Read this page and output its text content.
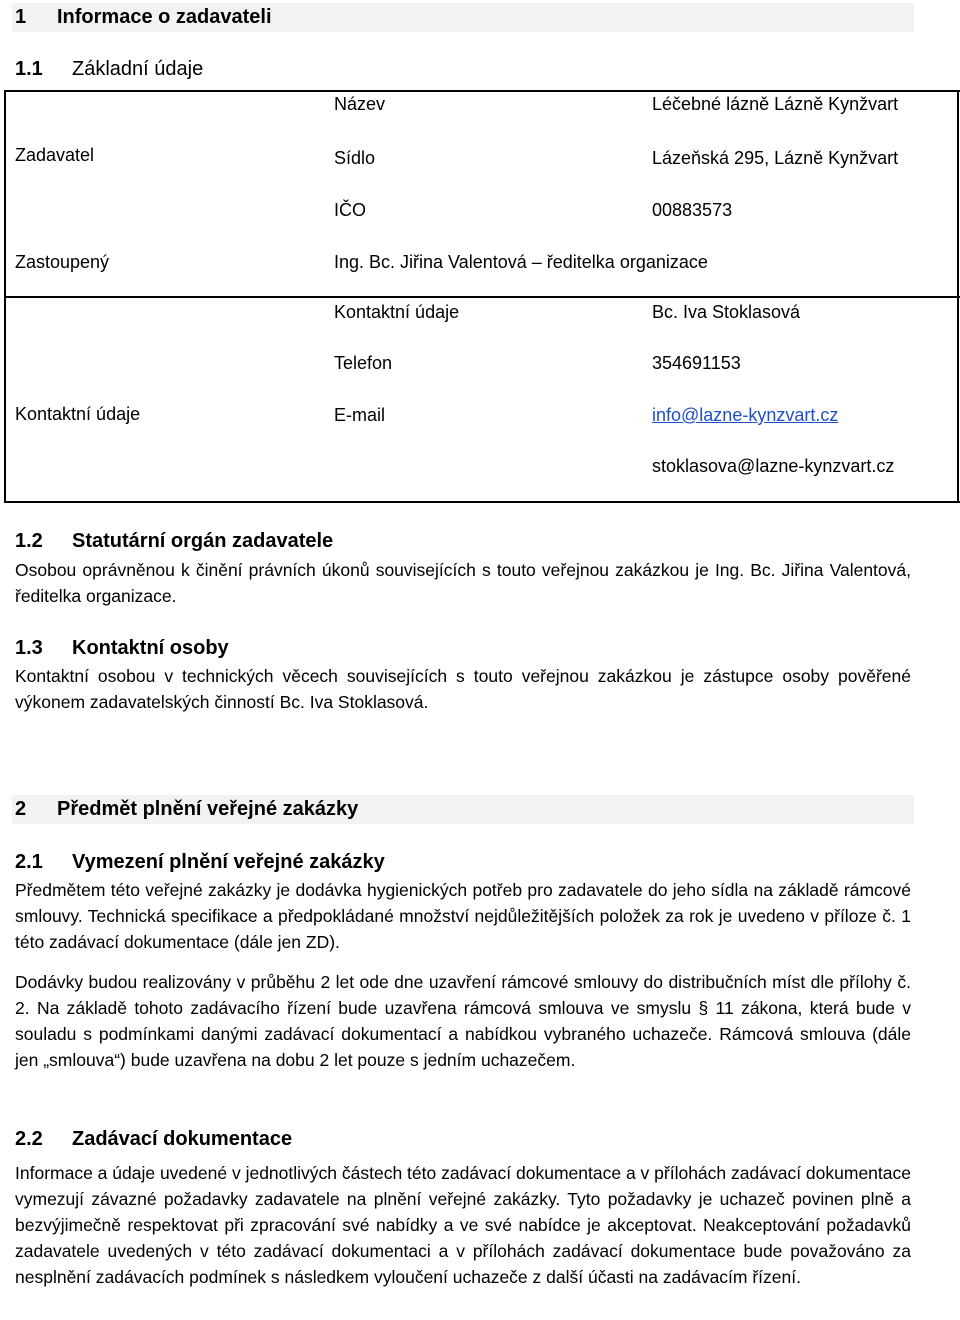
1 Informace o zadavateli
1.1 Základní údaje
Zadavatel
Název	Léčebné lázně Lázně Kynžvart
Sídlo	Lázeňská 295, Lázně Kynžvart
IČO	00883573
Zastoupený	Ing. Bc. Jiřina Valentová – ředitelka organizace
Kontaktní údaje
Kontaktní údaje	Bc. Iva Stoklasová
Telefon	354691153
E-mail	info@lazne-kynzvart.cz
stoklasova@lazne-kynzvart.cz
1.2 Statutární orgán zadavatele
Osobou oprávněnou k činění právních úkonů souvisejících s touto veřejnou zakázkou je Ing. Bc. Jiřina Valentová, ředitelka organizace.
1.3 Kontaktní osoby
Kontaktní osobou v technických věcech souvisejících s touto veřejnou zakázkou je zástupce osoby pověřené výkonem zadavatelských činností Bc. Iva Stoklasová.
2 Předmět plnění veřejné zakázky
2.1 Vymezení plnění veřejné zakázky
Předmětem této veřejné zakázky je dodávka hygienických potřeb pro zadavatele do jeho sídla na základě rámcové smlouvy. Technická specifikace a předpokládané množství nejdůležitějších položek za rok je uvedeno v příloze č. 1 této zadávací dokumentace (dále jen ZD).
Dodávky budou realizovány v průběhu 2 let ode dne uzavření rámcové smlouvy do distribučních míst dle přílohy č. 2. Na základě tohoto zadávacího řízení bude uzavřena rámcová smlouva ve smyslu § 11 zákona, která bude v souladu s podmínkami danými zadávací dokumentací a nabídkou vybraného uchazeče. Rámcová smlouva (dále jen „smlouva“) bude uzavřena na dobu 2 let pouze s jedním uchazečem.
2.2 Zadávací dokumentace
Informace a údaje uvedené v jednotlivých částech této zadávací dokumentace a v přílohách zadávací dokumentace vymezují závazné požadavky zadavatele na plnění veřejné zakázky. Tyto požadavky je uchazeč povinen plně a bezvýjimečně respektovat při zpracování své nabídky a ve své nabídce je akceptovat. Neakceptování požadavků zadavatele uvedených v této zadávací dokumentaci a v přílohách zadávací dokumentace bude považováno za nesplnění zadávacích podmínek s následkem vyloučení uchazeče z další účasti na zadávacím řízení.
